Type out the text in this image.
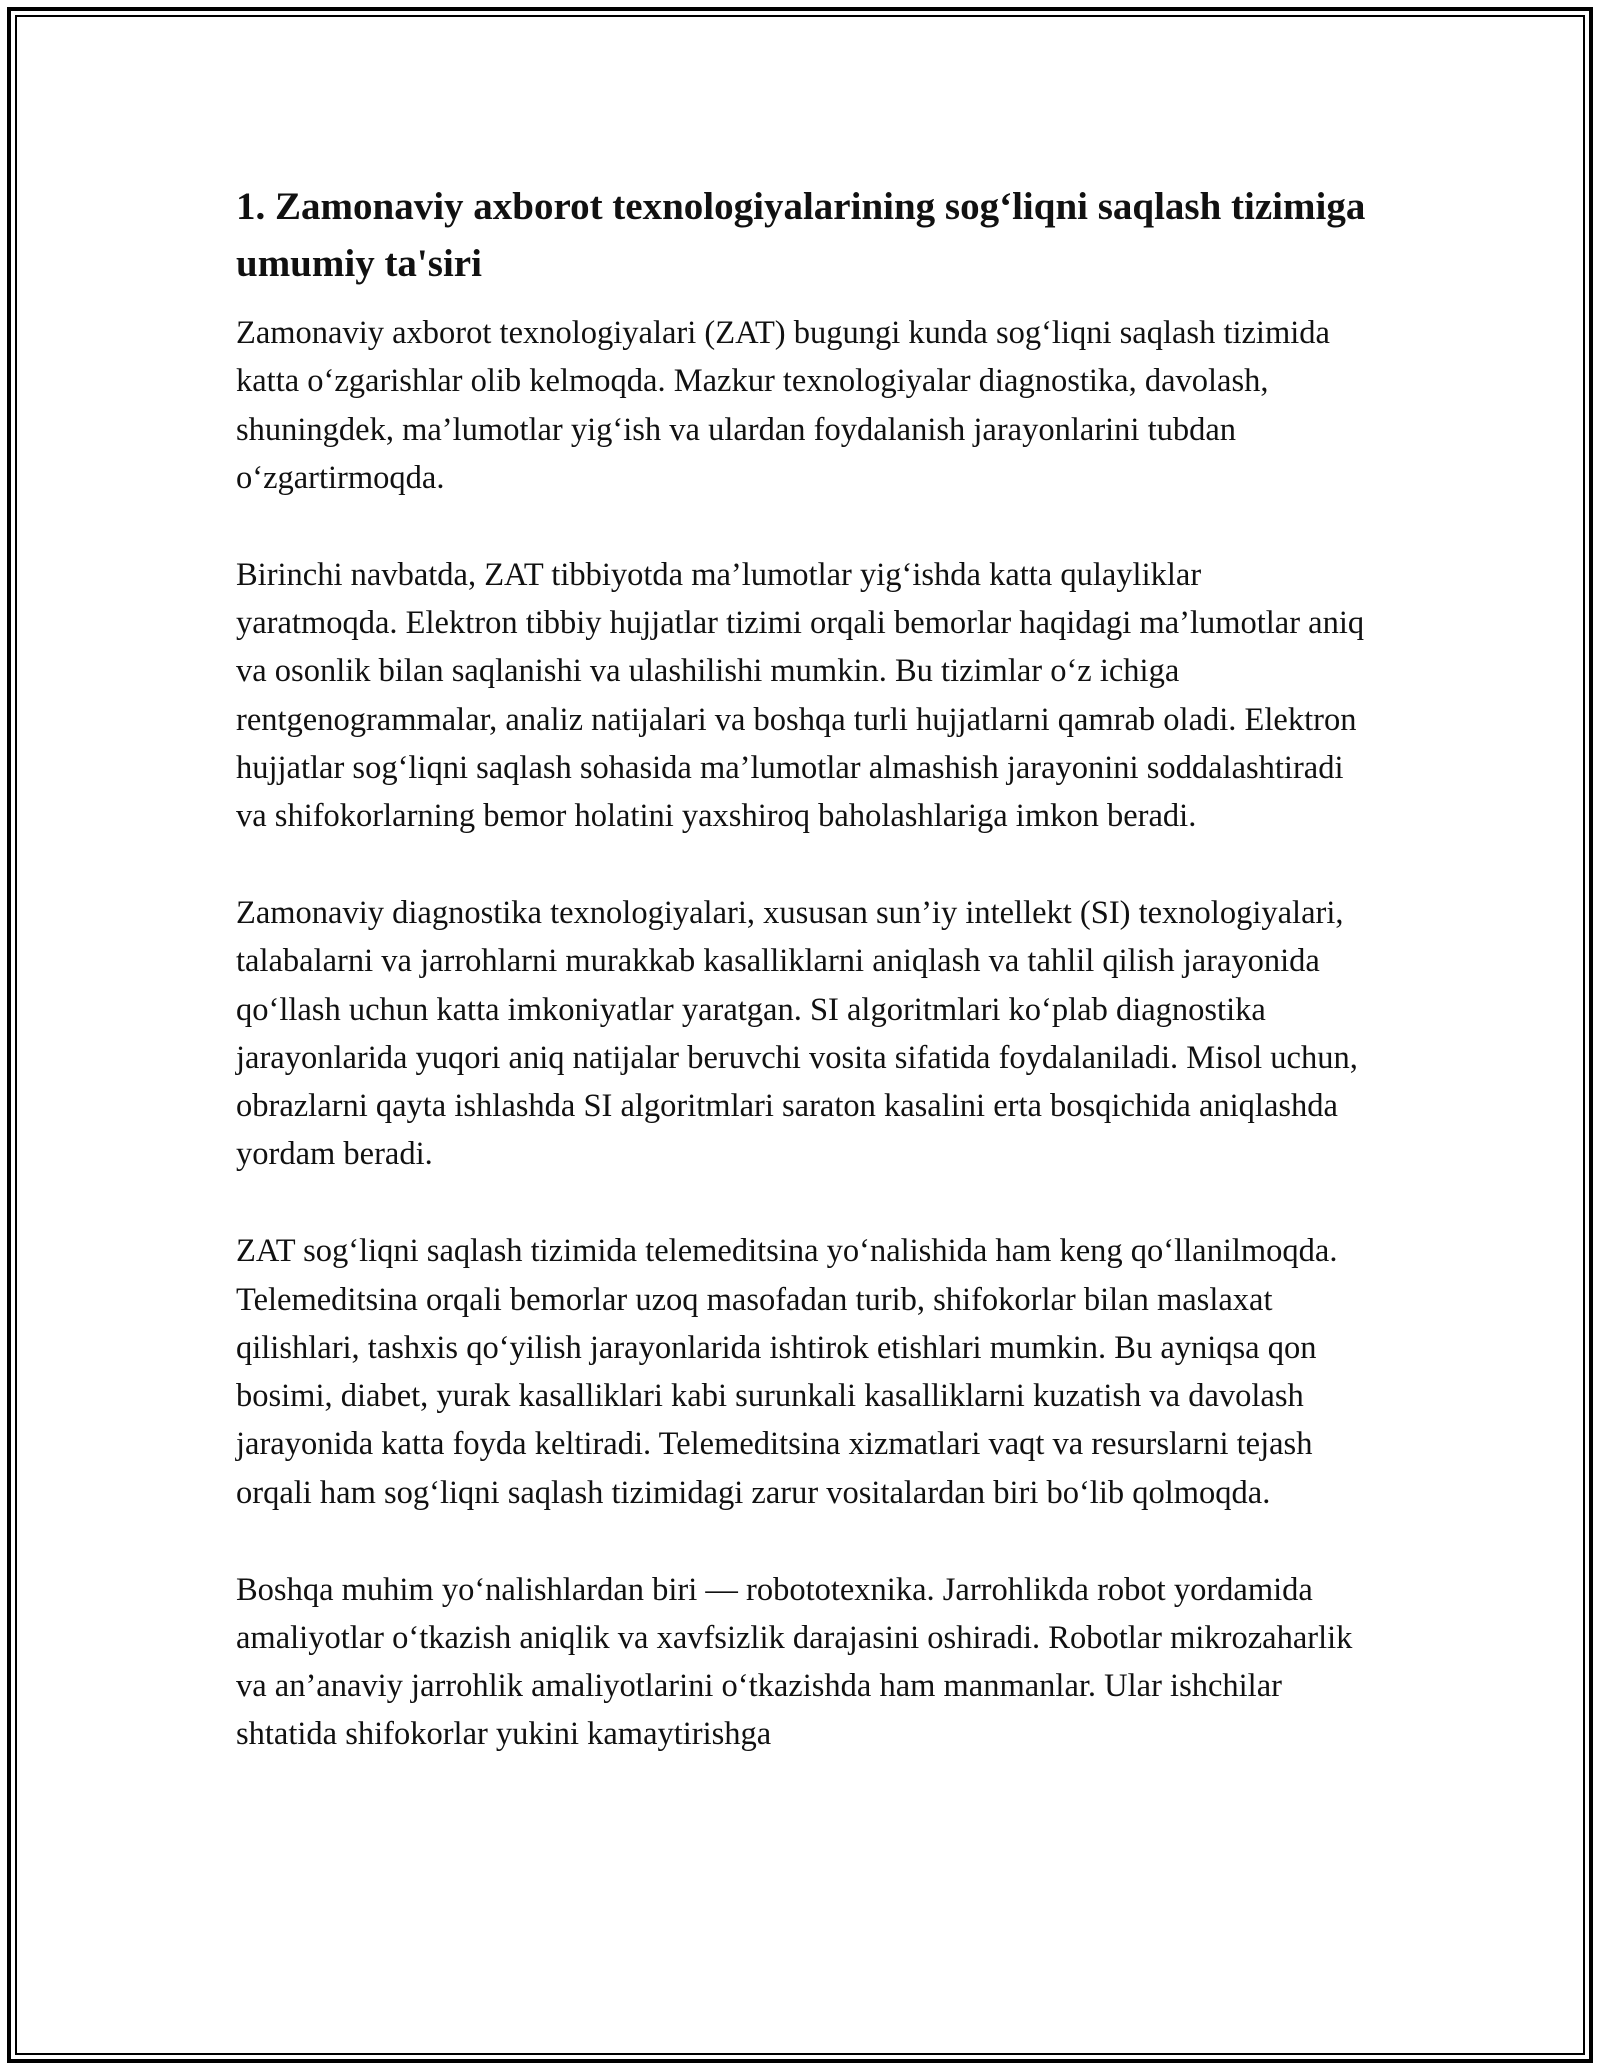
1. Zamonaviy axborot texnologiyalarining sog‘liqni saqlash tizimiga umumiy ta'siri

Zamonaviy axborot texnologiyalari (ZAT) bugungi kunda sog‘liqni saqlash tizimida katta o‘zgarishlar olib kelmoqda. Mazkur texnologiyalar diagnostika, davolash, shuningdek, ma’lumotlar yig‘ish va ulardan foydalanish jarayonlarini tubdan o‘zgartirmoqda.

Birinchi navbatda, ZAT tibbiyotda ma’lumotlar yig‘ishda katta qulayliklar yaratmoqda. Elektron tibbiy hujjatlar tizimi orqali bemorlar haqidagi ma’lumotlar aniq va osonlik bilan saqlanishi va ulashilishi mumkin. Bu tizimlar o‘z ichiga rentgenogrammalar, analiz natijalari va boshqa turli hujjatlarni qamrab oladi. Elektron hujjatlar sog‘liqni saqlash sohasida ma’lumotlar almashish jarayonini soddalashtiradi va shifokorlarning bemor holatini yaxshiroq baholashlariga imkon beradi.

Zamonaviy diagnostika texnologiyalari, xususan sun’iy intellekt (SI) texnologiyalari, talabalarni va jarrohlarni murakkab kasalliklarni aniqlash va tahlil qilish jarayonida qo‘llash uchun katta imkoniyatlar yaratgan. SI algoritmlari ko‘plab diagnostika jarayonlarida yuqori aniq natijalar beruvchi vosita sifatida foydalaniladi. Misol uchun, obrazlarni qayta ishlashda SI algoritmlari saraton kasalini erta bosqichida aniqlashda yordam beradi.

ZAT sog‘liqni saqlash tizimida telemeditsina yo‘nalishida ham keng qo‘llanilmoqda. Telemeditsina orqali bemorlar uzoq masofadan turib, shifokorlar bilan maslaxat qilishlari, tashxis qo‘yilish jarayonlarida ishtirok etishlari mumkin. Bu ayniqsa qon bosimi, diabet, yurak kasalliklari kabi surunkali kasalliklarni kuzatish va davolash jarayonida katta foyda keltiradi. Telemeditsina xizmatlari vaqt va resurslarni tejash orqali ham sog‘liqni saqlash tizimidagi zarur vositalardan biri bo‘lib qolmoqda.

Boshqa muhim yo‘nalishlardan biri — robototexnika. Jarrohlikda robot yordamida amaliyotlar o‘tkazish aniqlik va xavfsizlik darajasini oshiradi. Robotlar mikrozaharlik va an’anaviy jarrohlik amaliyotlarini o‘tkazishda ham manmanlar. Ular ishchilar shtatida shifokorlar yukini kamaytirishga
